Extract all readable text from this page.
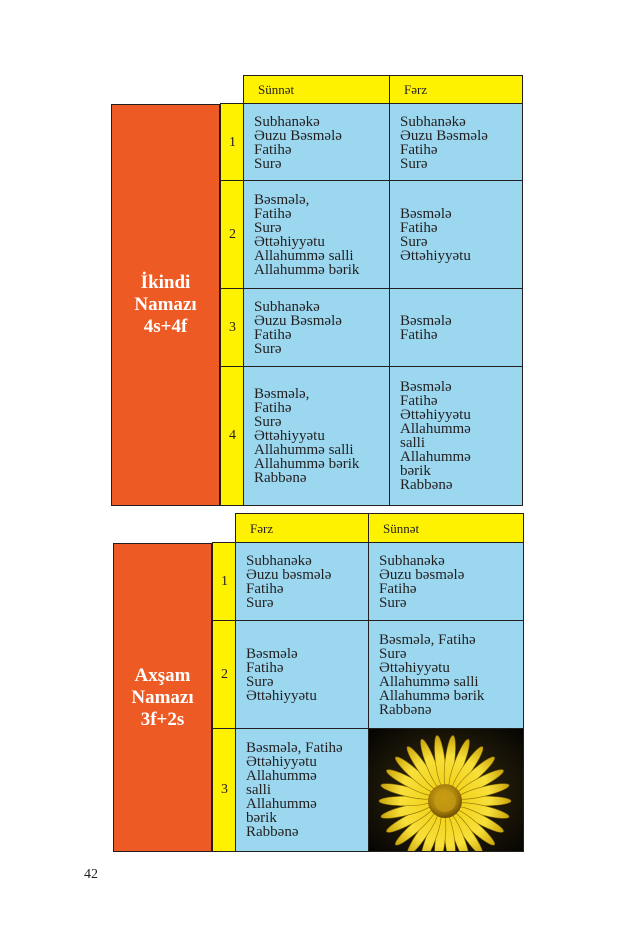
İkindi
Namazı
4s+4f
Sünnət	Fərz
1
Subhanəkə
Əuzu Bəsmələ
Fatihə
Surə
Subhanəkə
Əuzu Bəsmələ
Fatihə
Surə
2
Bəsmələ,
Fatihə
Surə
Əttəhiyyətu
Allahummə salli
Allahummə bərik
Bəsmələ
Fatihə
Surə
Əttəhiyyətu
3
Subhanəkə
Əuzu Bəsmələ
Fatihə
Surə
Bəsmələ
Fatihə
4
Bəsmələ,
Fatihə
Surə
Əttəhiyyətu
Allahummə salli
Allahummə bərik
Rabbənə
Bəsmələ
Fatihə
Əttəhiyyətu
Allahummə
salli
Allahummə
bərik
Rabbənə
Axşam
Namazı
3f+2s
Fərz	Sünnət
1
Subhanəkə
Əuzu bəsmələ
Fatihə
Surə
Subhanəkə
Əuzu bəsmələ
Fatihə
Surə
2
Bəsmələ
Fatihə
Surə
Əttəhiyyətu
Bəsmələ, Fatihə
Surə
Əttəhiyyətu
Allahummə salli
Allahummə bərik
Rabbənə
3
Bəsmələ, Fatihə
Əttəhiyyətu
Allahummə
salli
Allahummə
bərik
Rabbənə
42
